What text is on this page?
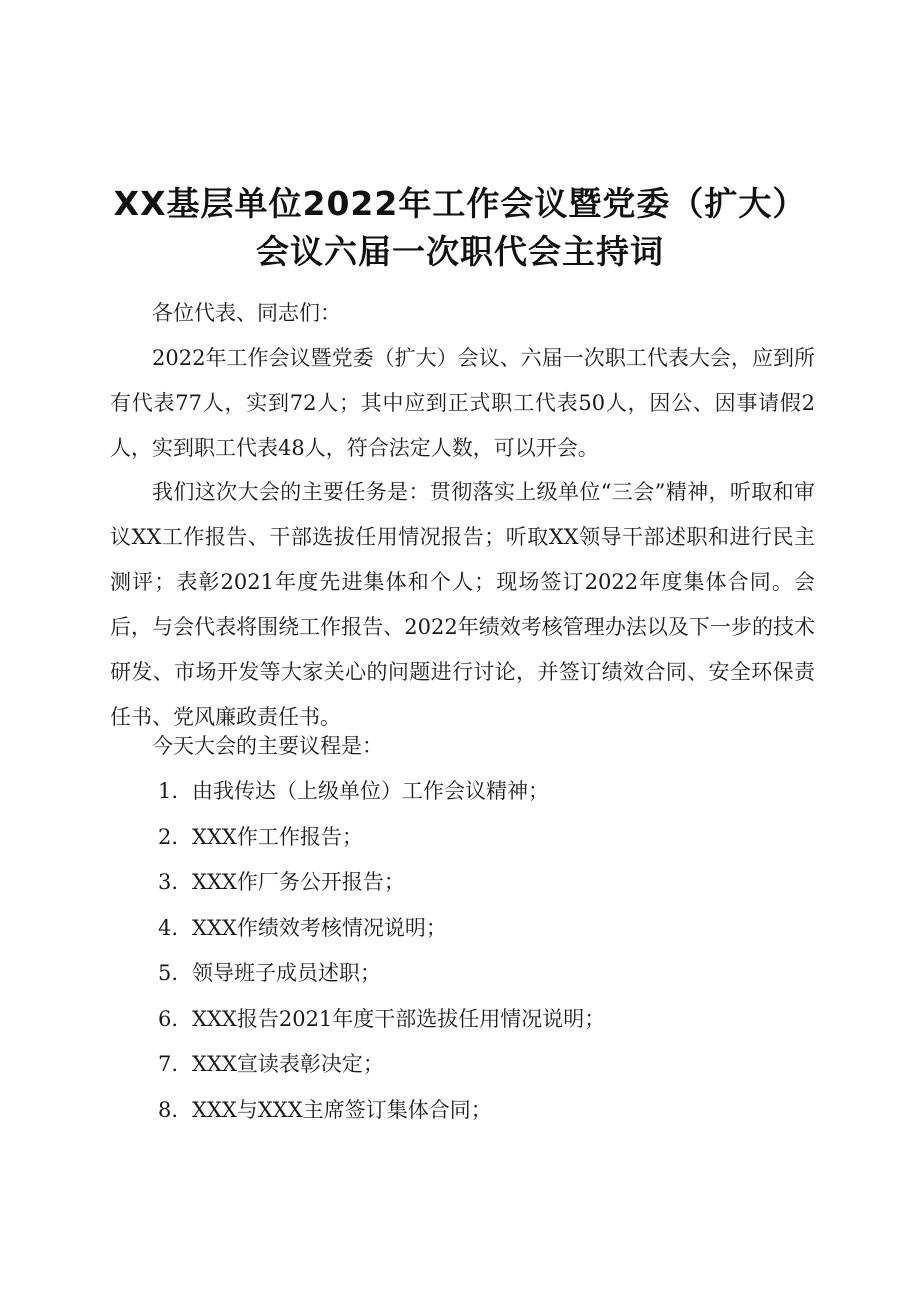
XX基层单位2022年工作会议暨党委（扩大）
会议六届一次职代会主持词

各位代表、同志们：

2022年工作会议暨党委（扩大）会议、六届一次职工代表大会，应到所有代表77人，实到72人；其中应到正式职工代表50人，因公、因事请假2人，实到职工代表48人，符合法定人数，可以开会。

我们这次大会的主要任务是：贯彻落实上级单位“三会”精神，听取和审议XX工作报告、干部选拔任用情况报告；听取XX领导干部述职和进行民主测评；表彰2021年度先进集体和个人；现场签订2022年度集体合同。会后，与会代表将围绕工作报告、2022年绩效考核管理办法以及下一步的技术研发、市场开发等大家关心的问题进行讨论，并签订绩效合同、安全环保责任书、党风廉政责任书。

今天大会的主要议程是：

1. 由我传达（上级单位）工作会议精神；
2. XXX作工作报告；
3. XXX作厂务公开报告；
4. XXX作绩效考核情况说明；
5. 领导班子成员述职；
6. XXX报告2021年度干部选拔任用情况说明；
7. XXX宣读表彰决定；
8. XXX与XXX主席签订集体合同；
